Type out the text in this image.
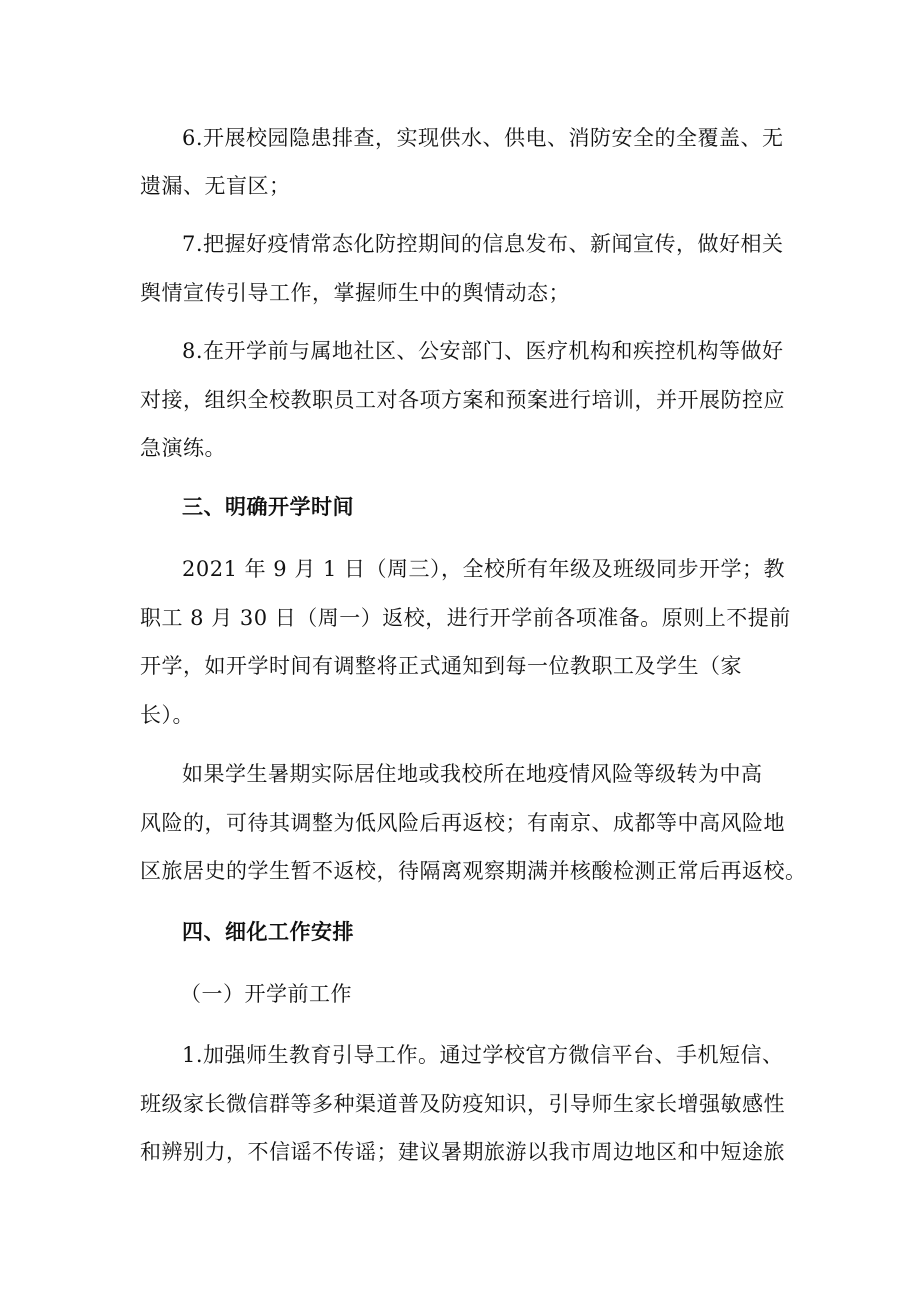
6.开展校园隐患排查，实现供水、供电、消防安全的全覆盖、无
遗漏、无盲区；
7.把握好疫情常态化防控期间的信息发布、新闻宣传，做好相关
舆情宣传引导工作，掌握师生中的舆情动态；
8.在开学前与属地社区、公安部门、医疗机构和疾控机构等做好
对接，组织全校教职员工对各项方案和预案进行培训，并开展防控应
急演练。
三、明确开学时间
2021 年 9 月 1 日（周三），全校所有年级及班级同步开学；教
职工 8 月 30 日（周一）返校，进行开学前各项准备。原则上不提前
开学，如开学时间有调整将正式通知到每一位教职工及学生（家
长）。
如果学生暑期实际居住地或我校所在地疫情风险等级转为中高
风险的，可待其调整为低风险后再返校；有南京、成都等中高风险地
区旅居史的学生暂不返校，待隔离观察期满并核酸检测正常后再返校。
四、细化工作安排
（一）开学前工作
1.加强师生教育引导工作。通过学校官方微信平台、手机短信、
班级家长微信群等多种渠道普及防疫知识，引导师生家长增强敏感性
和辨别力，不信谣不传谣；建议暑期旅游以我市周边地区和中短途旅
